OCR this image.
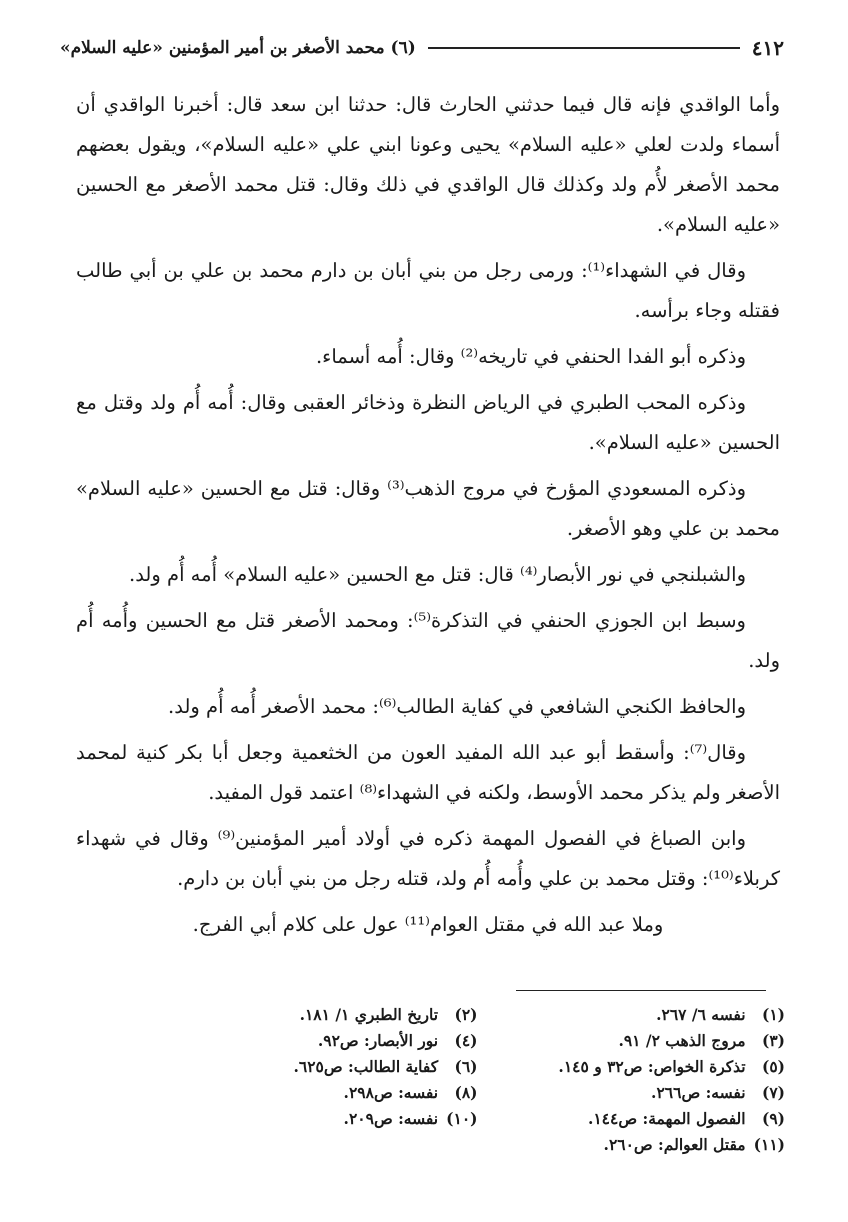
(٦) محمد الأصغر بن أمير المؤمنين «عليه السلام»	٤١٢

وأما الواقدي فإنه قال فيما حدثني الحارث قال: حدثنا ابن سعد قال: أخبرنا الواقدي أن أسماء ولدت لعلي «عليه السلام» يحيى وعونا ابني علي «عليه السلام»، ويقول بعضهم محمد الأصغر لأُم ولد وكذلك قال الواقدي في ذلك وقال: قتل محمد الأصغر مع الحسين «عليه السلام».

وقال في الشهداء⁽¹⁾: ورمى رجل من بني أبان بن دارم محمد بن علي بن أبي طالب فقتله وجاء برأسه.

وذكره أبو الفدا الحنفي في تاريخه⁽²⁾ وقال: أُمه أسماء.

وذكره المحب الطبري في الرياض النظرة وذخائر العقبى وقال: أُمه أُم ولد وقتل مع الحسين «عليه السلام».

وذكره المسعودي المؤرخ في مروج الذهب⁽³⁾ وقال: قتل مع الحسين «عليه السلام» محمد بن علي وهو الأصغر.

والشبلنجي في نور الأبصار⁽⁴⁾ قال: قتل مع الحسين «عليه السلام» أُمه أُم ولد.

وسبط ابن الجوزي الحنفي في التذكرة⁽⁵⁾: ومحمد الأصغر قتل مع الحسين وأُمه أُم ولد.

والحافظ الكنجي الشافعي في كفاية الطالب⁽⁶⁾: محمد الأصغر أُمه أُم ولد.

وقال⁽⁷⁾: وأسقط أبو عبد الله المفيد العون من الخثعمية وجعل أبا بكر كنية لمحمد الأصغر ولم يذكر محمد الأوسط، ولكنه في الشهداء⁽⁸⁾ اعتمد قول المفيد.

وابن الصباغ في الفصول المهمة ذكره في أولاد أمير المؤمنين⁽⁹⁾ وقال في شهداء كربلاء⁽¹⁰⁾: وقتل محمد بن علي وأُمه أُم ولد، قتله رجل من بني أبان بن دارم.

وملا عبد الله في مقتل العوام⁽¹¹⁾ عول على كلام أبي الفرج.

(١) نفسه ٦/ ٢٦٧.
(٢) تاريخ الطبري ١/ ١٨١.
(٣) مروج الذهب ٢/ ٩١.
(٤) نور الأبصار: ص٩٢.
(٥) تذكرة الخواص: ص٣٢ و ١٤٥.
(٦) كفاية الطالب: ص٦٢٥.
(٧) نفسه: ص٢٦٦.
(٨) نفسه: ص٢٩٨.
(٩) الفصول المهمة: ص١٤٤.
(١٠) نفسه: ص٢٠٩.
(١١) مقتل العوالم: ص٢٦٠.
